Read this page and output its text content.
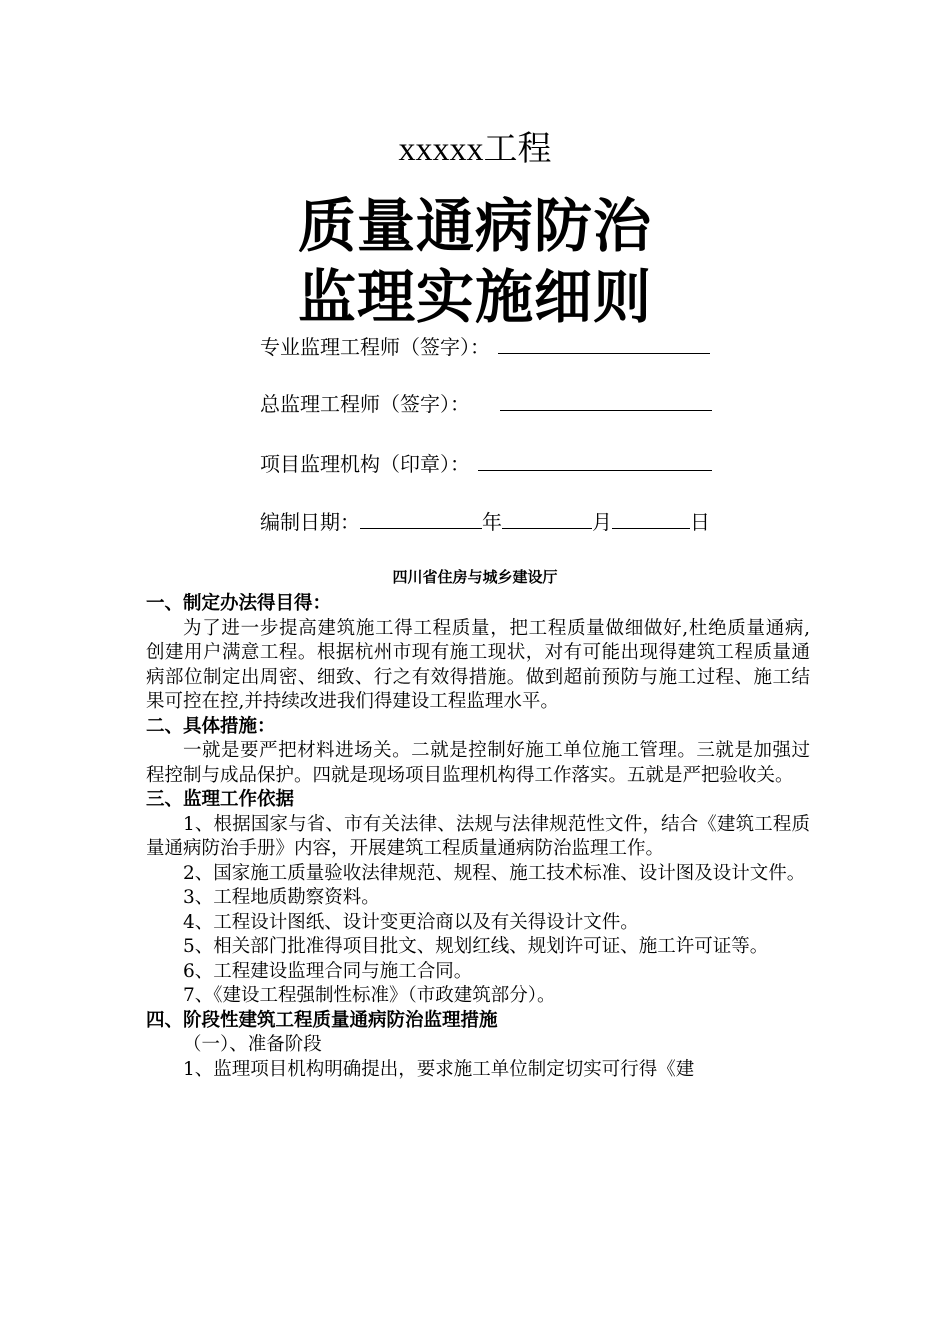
xxxxx工程
质量通病防治
监理实施细则
专业监理工程师（签字）：
总监理工程师（签字）：
项目监理机构（印章）：
编制日期：	年	月	日
四川省住房与城乡建设厅

一、制定办法得目得：

为了进一步提高建筑施工得工程质量，把工程质量做细做好,杜绝质量通病, 创建用户满意工程。根据杭州市现有施工现状，对有可能出现得建筑工程质量通病部位制定出周密、细致、行之有效得措施。做到超前预防与施工过程、施工结果可控在控,并持续改进我们得建设工程监理水平。

二、具体措施：

一就是要严把材料进场关。二就是控制好施工单位施工管理。三就是加强过程控制与成品保护。四就是现场项目监理机构得工作落实。五就是严把验收关。

三、监理工作依据

1、根据国家与省、市有关法律、法规与法律规范性文件，结合《建筑工程质量通病防治手册》内容，开展建筑工程质量通病防治监理工作。

2、国家施工质量验收法律规范、规程、施工技术标准、设计图及设计文件。

3、工程地质勘察资料。

4、工程设计图纸、设计变更洽商以及有关得设计文件。

5、相关部门批准得项目批文、规划红线、规划许可证、施工许可证等。

6、工程建设监理合同与施工合同。

7、《建设工程强制性标准》（市政建筑部分）。

四、阶段性建筑工程质量通病防治监理措施

（一）、准备阶段

1、监理项目机构明确提出，要求施工单位制定切实可行得《建
